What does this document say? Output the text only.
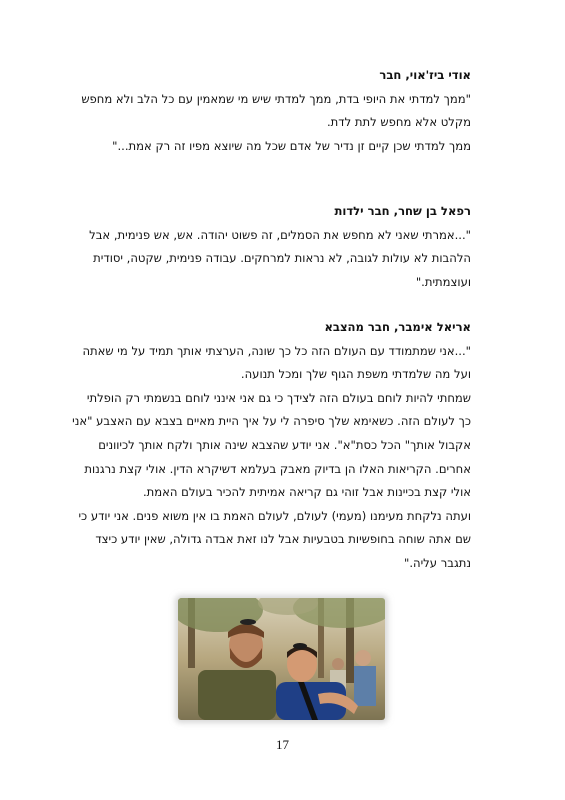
אודי ביז'אוי, חבר

"ממך למדתי את היופי בדת, ממך למדתי שיש מי שמאמין עם כל הלב ולא מחפש מקלט אלא מחפש לתת לדת.

ממך למדתי שכן קיים זן נדיר של אדם שכל מה שיוצא מפיו זה רק אמת..."

רפאל בן שחר, חבר ילדות

"...אמרתי שאני לא מחפש את הסמלים, זה פשוט יהודה. אש, אש פנימית, אבל הלהבות לא עולות לגובה, לא נראות למרחקים. עבודה פנימית, שקטה, יסודית ועוצמתית."

אריאל אימבר, חבר מהצבא

"...אני שמתמודד עם העולם הזה כל כך שונה, הערצתי אותך תמיד על מי שאתה ועל מה שלמדתי משפת הגוף שלך ומכל תנועה.

שמחתי להיות לוחם בעולם הזה לצידך כי גם אני אינני לוחם בנשמתי רק הופלתי כך לעולם הזה. כשאימא שלך סיפרה לי על איך היית מאיים בצבא עם האצבע "אני אקבול אותך" הכל כסת"א". אני יודע שהצבא שינה אותך ולקח אותך לכיוונים אחרים. הקריאות האלו הן בדיוק מאבק בעלמא דשיקרא הדין. אולי קצת נרגנות אולי קצת בכיינות אבל זוהי גם קריאה אמיתית להכיר בעולם האמת.

ועתה נלקחת מעימנו (מעמי) לעולם, לעולם האמת בו אין משוא פנים. אני יודע כי שם אתה שוחה בחופשיות בטבעיות אבל לנו זאת אבדה גדולה, שאין יודע כיצד נתגבר עליה."

17
